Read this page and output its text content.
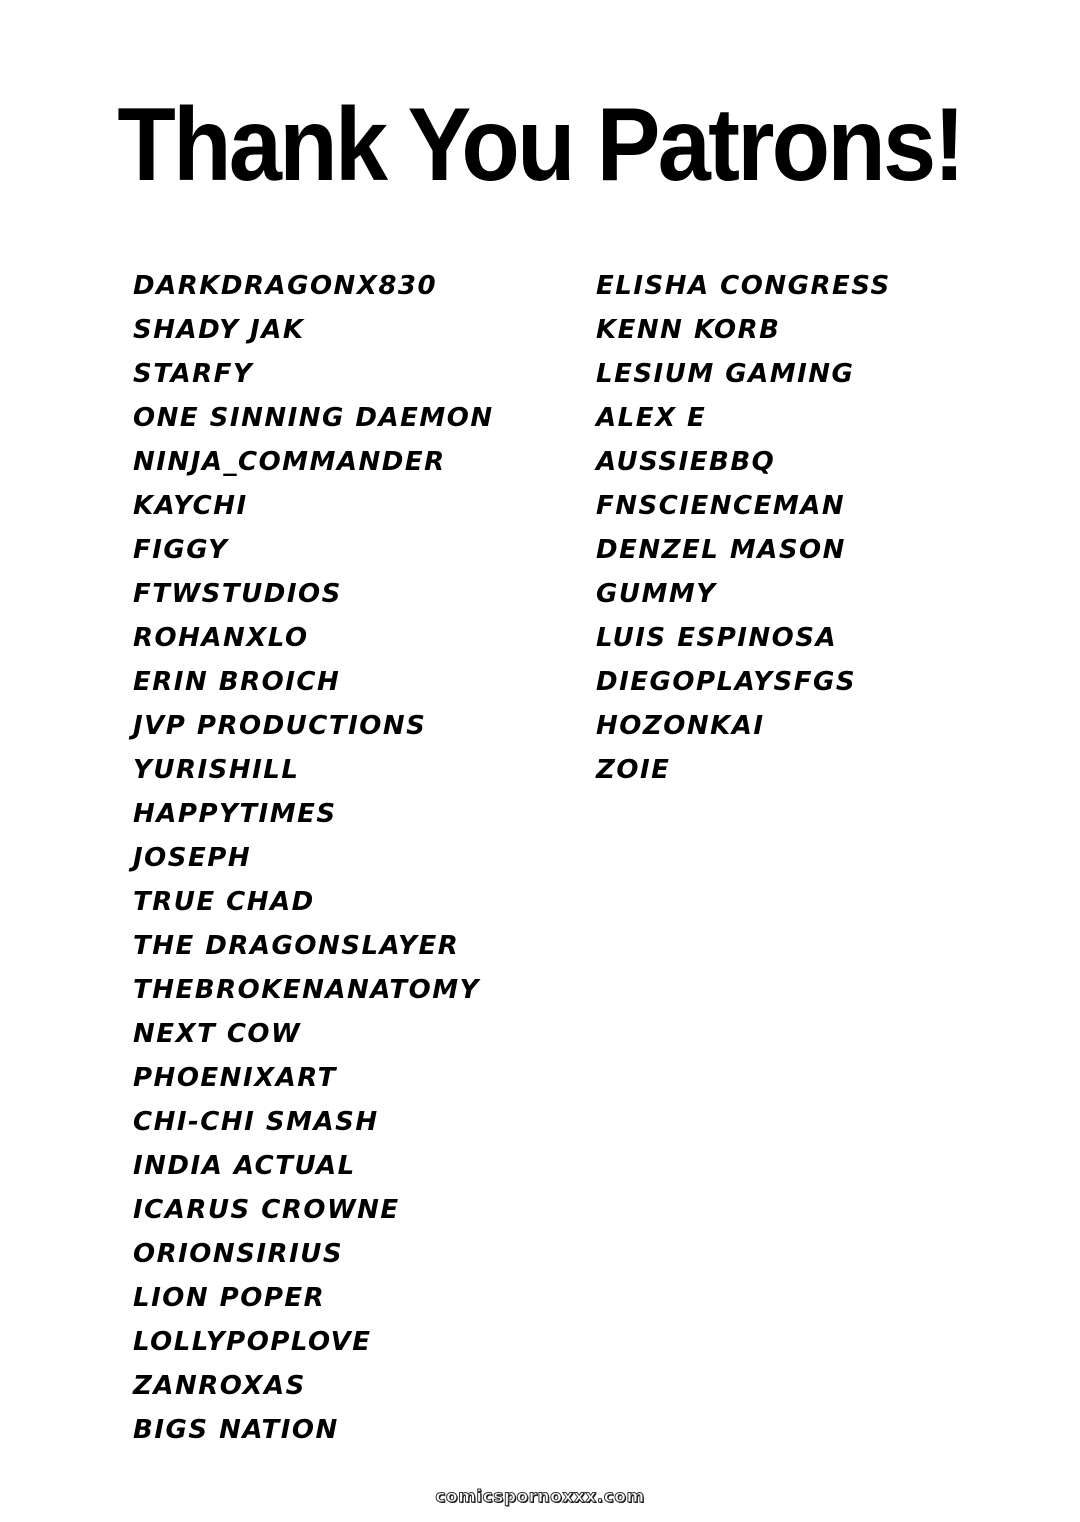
Thank You Patrons!
DARKDRAGONX830
SHADY JAK
STARFY
ONE SINNING DAEMON
NINJA_COMMANDER
KAYCHI
FIGGY
FTWSTUDIOS
ROHANXLO
ERIN BROICH
JVP PRODUCTIONS
YURISHILL
HAPPYTIMES
JOSEPH
TRUE CHAD
THE DRAGONSLAYER
THEBROKENANATOMY
NEXT COW
PHOENIXART
CHI-CHI SMASH
INDIA ACTUAL
ICARUS CROWNE
ORIONSIRIUS
LION POPER
LOLLYPOPLOVE
ZANROXAS
BIGS NATION
ELISHA CONGRESS
KENN KORB
LESIUM GAMING
ALEX E
AUSSIEBBQ
FNSCIENCEMAN
DENZEL MASON
GUMMY
LUIS ESPINOSA
DIEGOPLAYSFGS
HOZONKAI
ZOIE
comicspornoxxx.com
